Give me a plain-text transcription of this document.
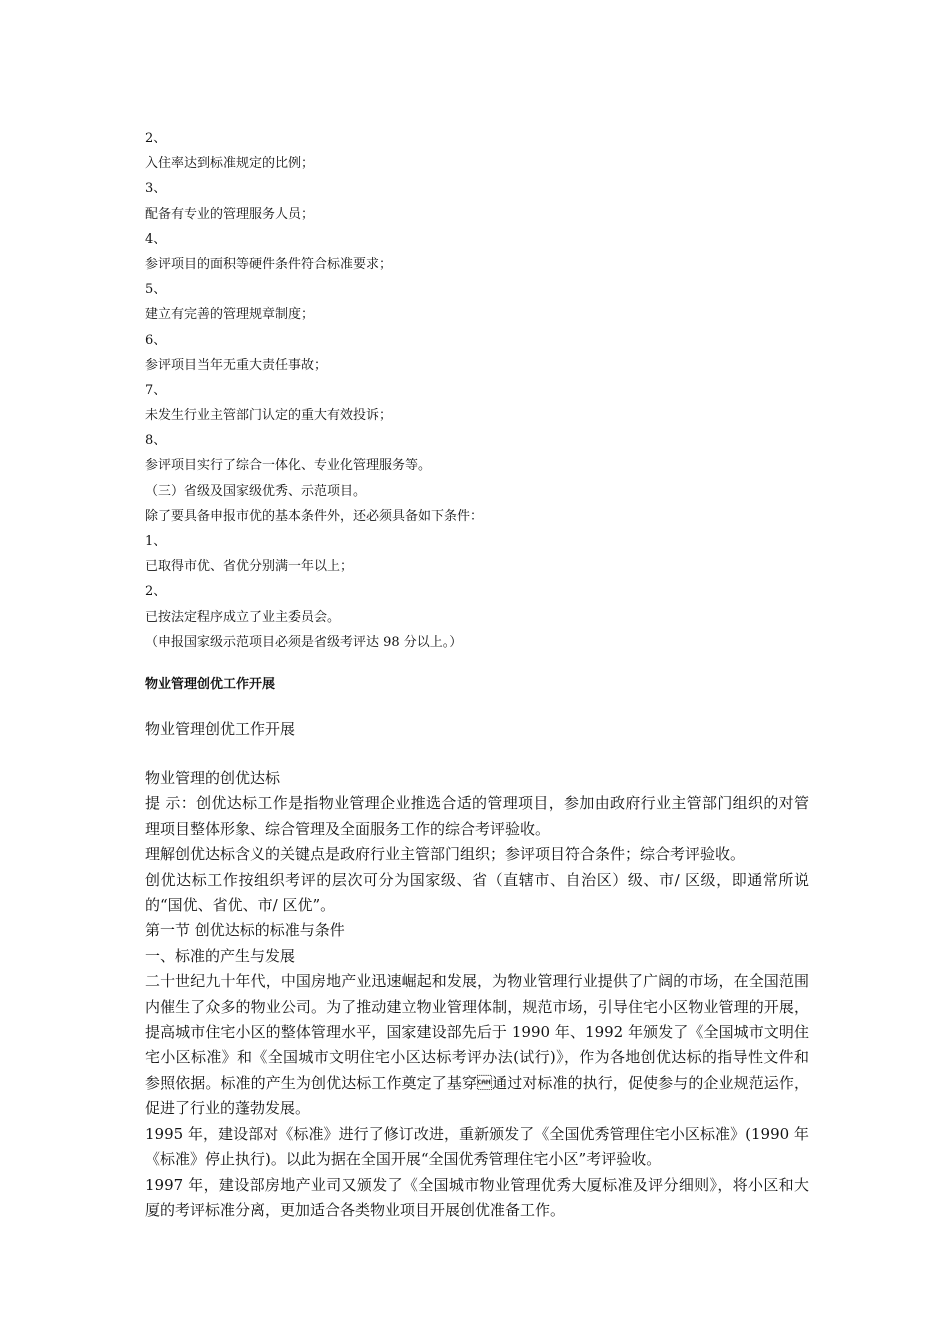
2、
入住率达到标准规定的比例；
3、
配备有专业的管理服务人员；
4、
参评项目的面积等硬件条件符合标准要求；
5、
建立有完善的管理规章制度；
6、
参评项目当年无重大责任事故；
7、
未发生行业主管部门认定的重大有效投诉；
8、
参评项目实行了综合一体化、专业化管理服务等。
（三）省级及国家级优秀、示范项目。
除了要具备申报市优的基本条件外，还必须具备如下条件：
1、
已取得市优、省优分别满一年以上；
2、
已按法定程序成立了业主委员会。
（申报国家级示范项目必须是省级考评达 98 分以上。）
物业管理创优工作开展
物业管理创优工作开展

物业管理的创优达标

提 示：创优达标工作是指物业管理企业推选合适的管理项目，参加由政府行业主管部门组织的对管理项目整体形象、综合管理及全面服务工作的综合考评验收。

理解创优达标含义的关键点是政府行业主管部门组织；参评项目符合条件；综合考评验收。

创优达标工作按组织考评的层次可分为国家级、省（直辖市、自治区）级、市/ 区级，即通常所说的“国优、省优、市/ 区优”。

第一节 创优达标的标准与条件

一、标准的产生与发展

二十世纪九十年代，中国房地产业迅速崛起和发展，为物业管理行业提供了广阔的市场，在全国范围内催生了众多的物业公司。为了推动建立物业管理体制，规范市场，引导住宅小区物业管理的开展，提高城市住宅小区的整体管理水平，国家建设部先后于 1990 年、1992 年颁发了《全国城市文明住宅小区标准》和《全国城市文明住宅小区达标考评办法(试行)》，作为各地创优达标的指导性文件和参照依据。标准的产生为创优达标工作奠定了基穿通过对标准的执行，促使参与的企业规范运作，促进了行业的蓬勃发展。

1995 年，建设部对《标准》进行了修订改进，重新颁发了《全国优秀管理住宅小区标准》(1990 年《标准》停止执行)。以此为据在全国开展“全国优秀管理住宅小区”考评验收。

1997 年，建设部房地产业司又颁发了《全国城市物业管理优秀大厦标准及评分细则》，将小区和大厦的考评标准分离，更加适合各类物业项目开展创优准备工作。
